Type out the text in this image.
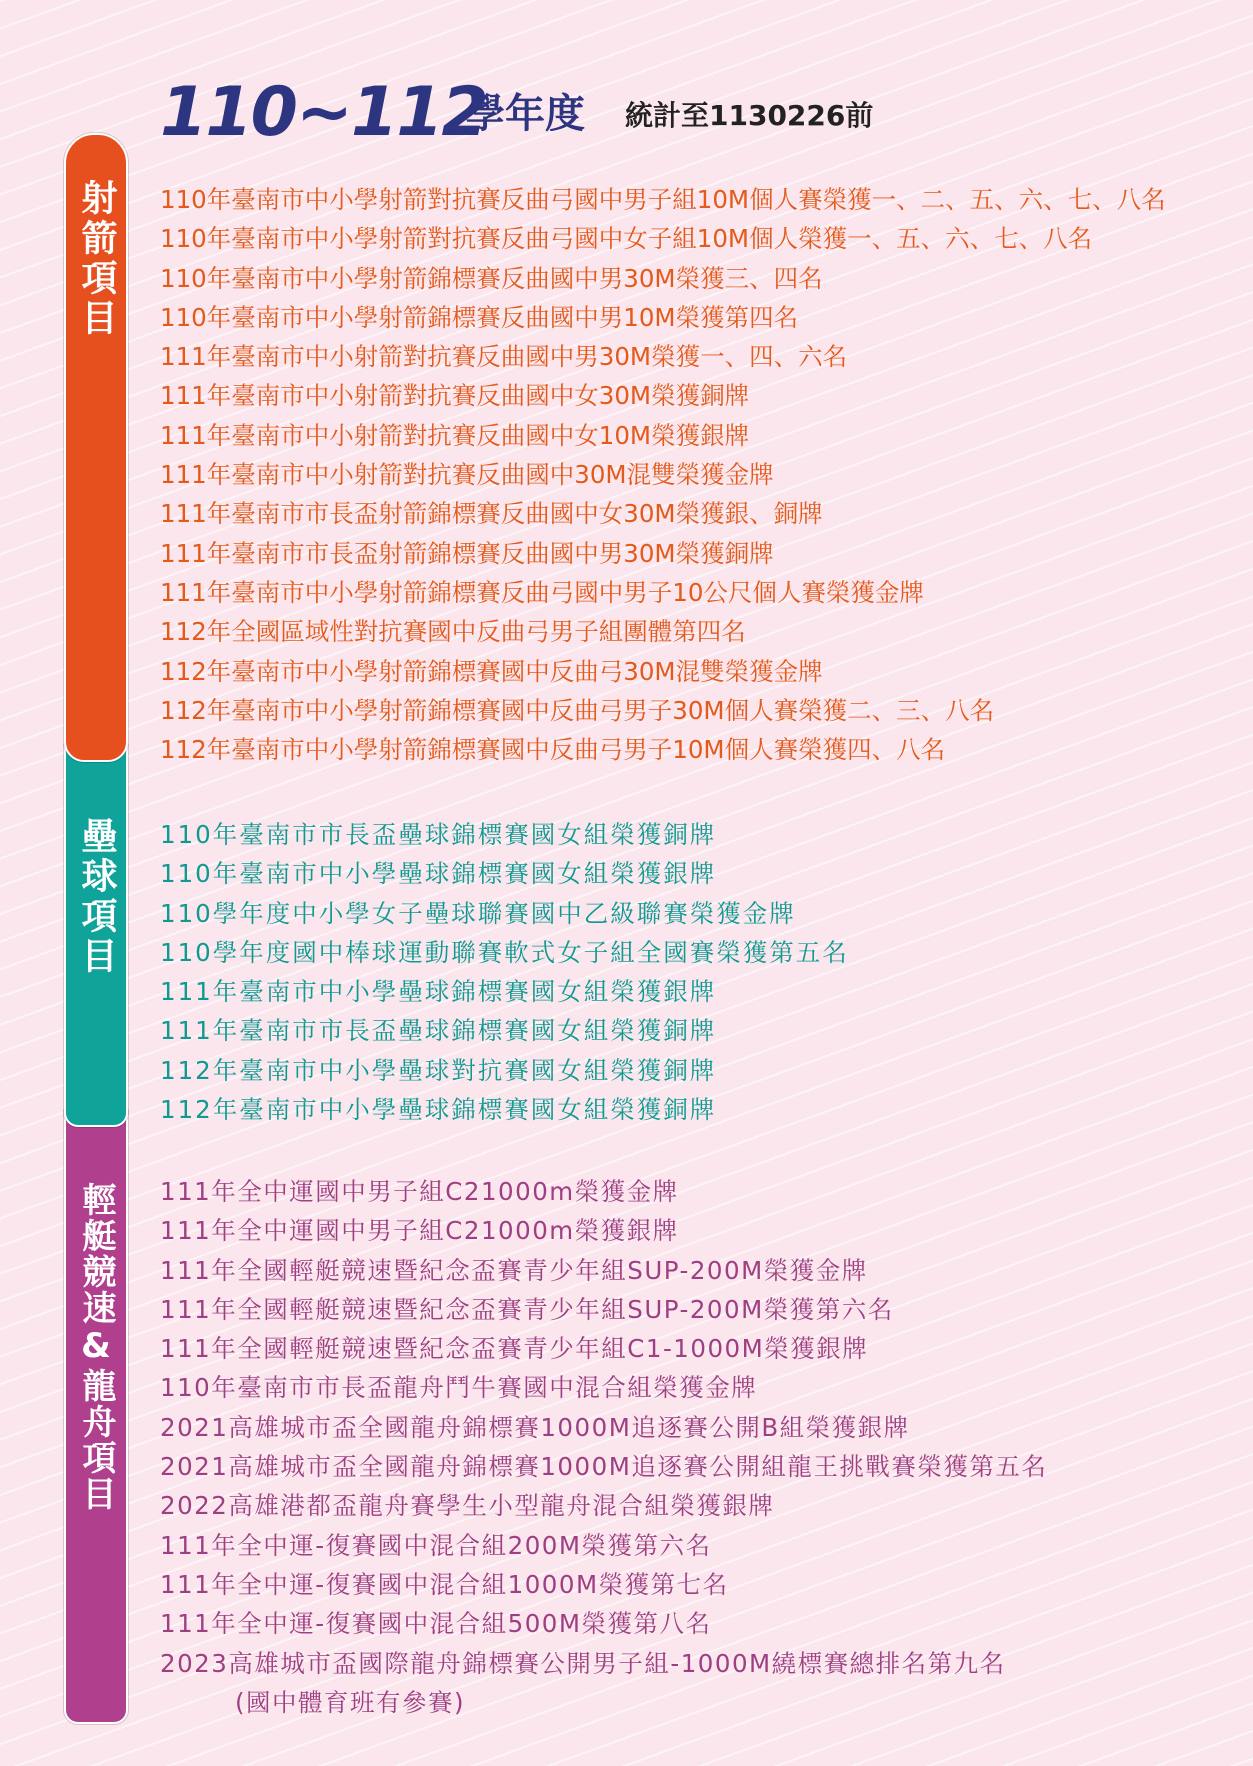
110~112
學年度 統計至1130226前
射箭項目
壘球項目
輕艇競速&龍舟項目
110年臺南市中小學射箭對抗賽反曲弓國中男子組10M個人賽榮獲一、二、五、六、七、八名
110年臺南市中小學射箭對抗賽反曲弓國中女子組10M個人榮獲一、五、六、七、八名
110年臺南市中小學射箭錦標賽反曲國中男30M榮獲三、四名
110年臺南市中小學射箭錦標賽反曲國中男10M榮獲第四名
111年臺南市中小射箭對抗賽反曲國中男30M榮獲一、四、六名
111年臺南市中小射箭對抗賽反曲國中女30M榮獲銅牌
111年臺南市中小射箭對抗賽反曲國中女10M榮獲銀牌
111年臺南市中小射箭對抗賽反曲國中30M混雙榮獲金牌
111年臺南市市長盃射箭錦標賽反曲國中女30M榮獲銀、銅牌
111年臺南市市長盃射箭錦標賽反曲國中男30M榮獲銅牌
111年臺南市中小學射箭錦標賽反曲弓國中男子10公尺個人賽榮獲金牌
112年全國區域性對抗賽國中反曲弓男子組團體第四名
112年臺南市中小學射箭錦標賽國中反曲弓30M混雙榮獲金牌
112年臺南市中小學射箭錦標賽國中反曲弓男子30M個人賽榮獲二、三、八名
112年臺南市中小學射箭錦標賽國中反曲弓男子10M個人賽榮獲四、八名
110年臺南市市長盃壘球錦標賽國女組榮獲銅牌
110年臺南市中小學壘球錦標賽國女組榮獲銀牌
110學年度中小學女子壘球聯賽國中乙級聯賽榮獲金牌
110學年度國中棒球運動聯賽軟式女子組全國賽榮獲第五名
111年臺南市中小學壘球錦標賽國女組榮獲銀牌
111年臺南市市長盃壘球錦標賽國女組榮獲銅牌
112年臺南市中小學壘球對抗賽國女組榮獲銅牌
112年臺南市中小學壘球錦標賽國女組榮獲銅牌
111年全中運國中男子組C21000m榮獲金牌
111年全中運國中男子組C21000m榮獲銀牌
111年全國輕艇競速暨紀念盃賽青少年組SUP-200M榮獲金牌
111年全國輕艇競速暨紀念盃賽青少年組SUP-200M榮獲第六名
111年全國輕艇競速暨紀念盃賽青少年組C1-1000M榮獲銀牌
110年臺南市市長盃龍舟鬥牛賽國中混合組榮獲金牌
2021高雄城市盃全國龍舟錦標賽1000M追逐賽公開B組榮獲銀牌
2021高雄城市盃全國龍舟錦標賽1000M追逐賽公開組龍王挑戰賽榮獲第五名
2022高雄港都盃龍舟賽學生小型龍舟混合組榮獲銀牌
111年全中運-復賽國中混合組200M榮獲第六名
111年全中運-復賽國中混合組1000M榮獲第七名
111年全中運-復賽國中混合組500M榮獲第八名
2023高雄城市盃國際龍舟錦標賽公開男子組-1000M繞標賽總排名第九名
(國中體育班有參賽)
